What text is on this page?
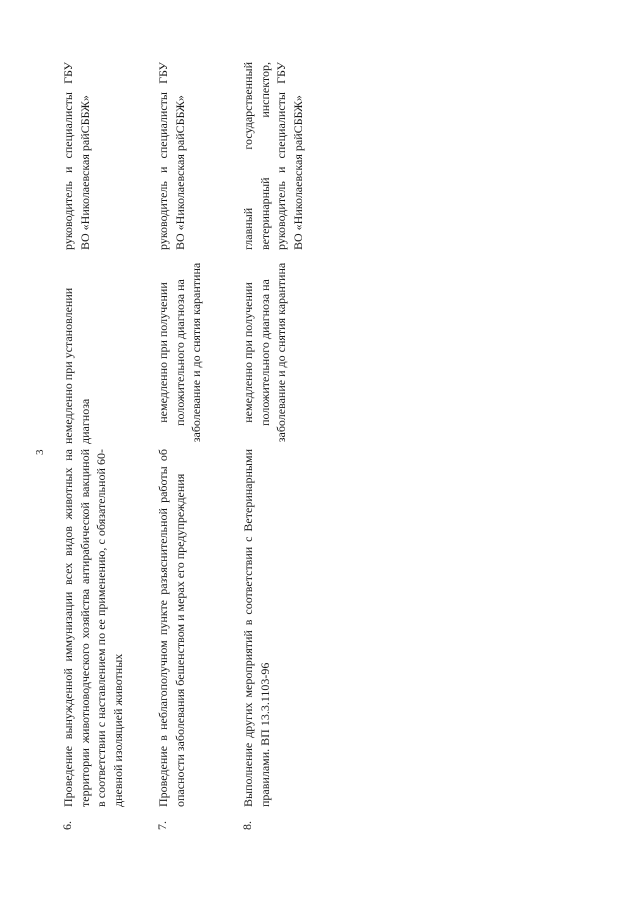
3
6.
Проведение вынужденной иммунизации всех видов животных на территории животноводческого хозяйства антирабической вакциной в соответствии с наставлением по ее применению, с обязательной 60-дневной изоляцией животных
немедленно при установлении диагноза
руководитель и специалисты ГБУ ВО «Николаевская райСББЖ»
7.
Проведение в неблагополучном пункте разъяснительной работы об опасности заболевания бешенством и мерах его предупреждения
немедленно при получении положительного диагноза на заболевание и до снятия карантина
руководитель и специалисты ГБУ ВО «Николаевская райСББЖ»
8.
Выполнение других мероприятий в соответствии с Ветеринарными правилами. ВП 13.3.1103-96
немедленно при получении положительного диагноза на заболевание и до снятия карантина
главный государственный ветеринарный инспектор, руководитель и специалисты ГБУ ВО «Николаевская райСББЖ»
